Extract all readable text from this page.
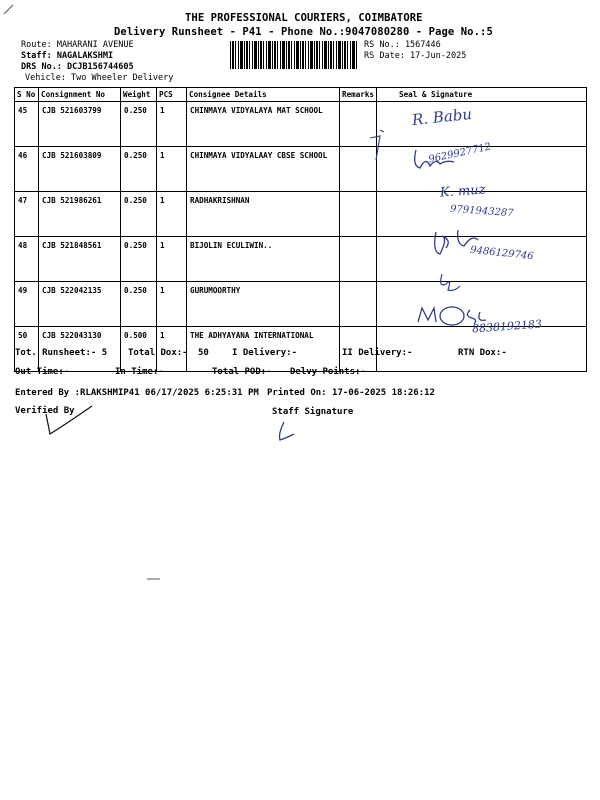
THE PROFESSIONAL COURIERS, COIMBATORE
Delivery Runsheet - P41 - Phone No.:9047080280 - Page No.:5
Route: MAHARANI AVENUE
Staff: NAGALAKSHMI
DRS No.: DCJB156744605
Vehicle: Two Wheeler Delivery
RS No.: 1567446
RS Date: 17-Jun-2025
S No	Consignment No	Weight	PCS	Consignee Details	Remarks	Seal & Signature
45	CJB 521603799	0.250	1	CHINMAYA VIDYALAYA MAT SCHOOL		
46	CJB 521603809	0.250	1	CHINMAYA VIDYALAAY CBSE SCHOOL		
47	CJB 521986261	0.250	1	RADHAKRISHNAN		
48	CJB 521848561	0.250	1	BIJOLIN ECULIWIN..		
49	CJB 522042135	0.250	1	GURUMOORTHY		
50	CJB 522043130	0.500	1	THE ADHYAYANA INTERNATIONAL		
R. Babu
9629927712
K. muz
9791943287
9486129746
8838192183
Tot. Runsheet:- 5 Total Dox:- 50	I Delivery:-	II Delivery:-	RTN Dox:-
Out Time:-	In Time:-	Total POD:- Delvy Points:-
Entered By :RLAKSHMIP41 06/17/2025 6:25:31 PM Printed On: 17-06-2025 18:26:12
Verified By	Staff Signature
